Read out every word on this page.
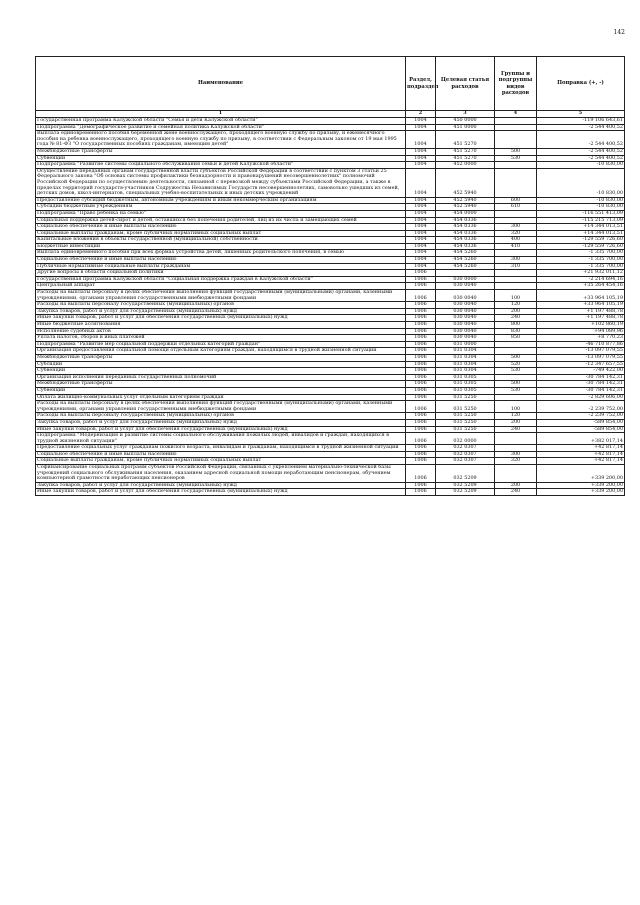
142
Наименование	Раздел, подраздел	Целевая статья расходов	Группы и подгруппы видов расходов	Поправка (+, -)
1	2	3	4	5
Государственная программа Калужской области "Семья и дети Калужской области"	1004	450 0000		-119 106 643,61
Подпрограмма "Демографическое развитие и семейная политика Калужской области"	1004	451 0000		-2 544 400,52
Выплата единовременного пособия беременной жене военнослужащего, проходящего военную службу по призыву, и ежемесячного пособия на ребенка военнослужащего, проходящего военную службу по призыву, в соответствии с Федеральным законом от 19 мая 1995 года № 81-ФЗ "О государственных пособиях гражданам, имеющим детей"	1004	451 5270		-2 544 400,52
Межбюджетные трансферты	1004	451 5270	500	-2 544 400,52
Субвенции	1004	451 5270	530	-2 544 400,52
Подпрограмма "Развитие системы социального обслуживания семьи и детей Калужской области"	1004	452 0000		-10 830,00
Осуществление переданных органам государственной власти субъектов Российской Федерации в соответствии с пунктом 3 статьи 25 Федерального закона "Об основах системы профилактики безнадзорности и правонарушений несовершеннолетних" полномочий Российской Федерации по осуществлению деятельности, связанной с перевозкой между субъектами Российской Федерации, а также в пределах территорий государств-участников Содружества Независимых Государств несовершеннолетних, самовольно ушедших из семей, детских домов, школ-интернатов, специальных учебно-воспитательных и иных детских учреждений	1004	452 5940		-10 830,00
Предоставление субсидий бюджетным, автономным учреждениям и иным некоммерческим организациям	1004	452 5940	600	-10 830,00
Субсидии бюджетным учреждениям	1004	452 5940	610	-10 830,00
Подпрограмма "Право ребенка на семью"	1004	454 0000		-116 551 413,09
Социальная поддержка детей-сирот и детей, оставшихся без попечения родителей, лиц из их числа и замещающих семей	1004	454 0336		-115 215 713,09
Социальное обеспечение и иные выплаты населению	1004	454 0336	300	+14 344 013,51
Социальные выплаты гражданам, кроме публичных нормативных социальных выплат	1004	454 0336	320	+14 344 013,51
Капитальные вложения в объекты государственной (муниципальной) собственности	1004	454 0336	400	-129 559 726,60
Бюджетные инвестиции	1004	454 0336	410	-129 559 726,60
Выплата единовременного пособия при всех формах устройства детей, лишенных родительского попечения, в семью	1004	454 5260		-1 335 700,00
Социальное обеспечение и иные выплаты населению	1004	454 5260	300	-1 335 700,00
Публичные нормативные социальные выплаты гражданам	1004	454 5260	310	-1 335 700,00
Другие вопросы в области социальной политики	1006			+21 932 011,12
Государственная программа Калужской области "Социальная поддержка граждан в Калужской области"	1006	030 0000		-2 214 694,16
Центральный аппарат	1006	030 0040		+35 264 454,16
Расходы на выплаты персоналу в целях обеспечения выполнения функций государственными (муниципальными) органами, казенными учреждениями, органами управления государственными внебюджетными фондами	1006	030 0040	100	+33 964 105,19
Расходы на выплаты персоналу государственных (муниципальных) органов	1006	030 0040	120	+33 964 105,19
Закупка товаров, работ и услуг для государственных (муниципальных) нужд	1006	030 0040	200	+1 197 488,78
Иные закупки товаров, работ и услуг для обеспечения государственных (муниципальных) нужд	1006	030 0040	240	+1 197 488,78
Иные бюджетные ассигнования	1006	030 0040	800	+102 860,19
Исполнение судебных актов	1006	030 0040	830	+94 089,96
Уплата налогов, сборов и иных платежей	1006	030 0040	850	+8 770,23
Подпрограмма "Развитие мер социальной поддержки отдельных категорий граждан"	1006	031 0000		-46 710 877,86
Организация предоставления социальной помощи отдельным категориям граждан, находящимся в трудной жизненной ситуации	1006	031 0304		-13 097 079,55
Межбюджетные трансферты	1006	031 0304	500	-13 097 079,55
Субсидии	1006	031 0304	520	-12 347 657,55
Субвенции	1006	031 0304	530	-749 422,00
Организация исполнения переданных государственных полномочий	1006	031 0305		-30 784 142,31
Межбюджетные трансферты	1006	031 0305	500	-30 784 142,31
Субвенции	1006	031 0305	530	-30 784 142,31
Оплата жилищно-коммунальных услуг отдельным категориям граждан	1006	031 5250		-2 829 606,00
Расходы на выплаты персоналу в целях обеспечения выполнения функций государственными (муниципальными) органами, казенными учреждениями, органами управления государственными внебюджетными фондами	1006	031 5250	100	-2 239 752,00
Расходы на выплаты персоналу государственных (муниципальных) органов	1006	031 5250	120	-2 239 752,00
Закупка товаров, работ и услуг для государственных (муниципальных) нужд	1006	031 5250	200	-589 854,00
Иные закупки товаров, работ и услуг для обеспечения государственных (муниципальных) нужд	1006	031 5250	240	-589 854,00
Подпрограмма "Модернизация и развитие системы социального обслуживания пожилых людей, инвалидов и граждан, находящихся в трудной жизненной ситуации"	1006	032 0000		+382 017,14
Предоставление социальных услуг гражданам пожилого возраста, инвалидам и гражданам, находящимся в трудной жизненной ситуации	1006	032 0307		+42 817,14
Социальное обеспечение и иные выплаты населению	1006	032 0307	300	+42 817,14
Социальные выплаты гражданам, кроме публичных нормативных социальных выплат	1006	032 0307	320	+42 817,14
Софинансирование социальных программ субъектов Российской Федерации, связанных с укреплением материально-технической базы учреждений социального обслуживания населения, оказанием адресной социальной помощи неработающим пенсионерам, обучением компьютерной грамотности неработающих пенсионеров	1006	032 5209		+339 200,00
Закупка товаров, работ и услуг для государственных (муниципальных) нужд	1006	032 5209	200	+339 200,00
Иные закупки товаров, работ и услуг для обеспечения государственных (муниципальных) нужд	1006	032 5209	240	+339 200,00
